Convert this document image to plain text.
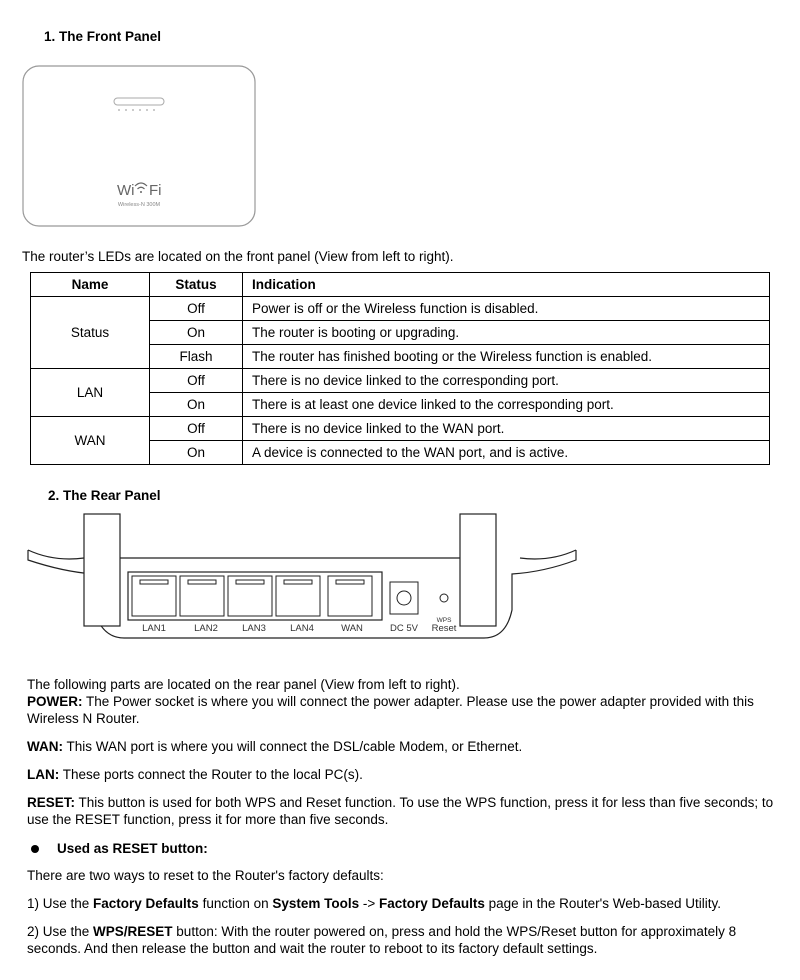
1. The Front Panel
Wi Fi
Wireless-N 300M
The router’s LEDs are located on the front panel (View from left to right).
Name	Status	Indication
Status	Off	Power is off or the Wireless function is disabled.
	On	The router is booting or upgrading.
	Flash	The router has finished booting or the Wireless function is enabled.
LAN	Off	There is no device linked to the corresponding port.
	On	There is at least one device linked to the corresponding port.
WAN	Off	There is no device linked to the WAN port.
	On	A device is connected to the WAN port, and is active.
2. The Rear Panel
LAN1	LAN2	LAN3	LAN4	WAN	DC 5V
WPS
Reset
The following parts are located on the rear panel (View from left to right).
POWER: The Power socket is where you will connect the power adapter. Please use the power adapter provided with this Wireless N Router.
WAN: This WAN port is where you will connect the DSL/cable Modem, or Ethernet.
LAN: These ports connect the Router to the local PC(s).
RESET: This button is used for both WPS and Reset function. To use the WPS function, press it for less than five seconds; to use the RESET function, press it for more than five seconds.
Used as RESET button:
There are two ways to reset to the Router's factory defaults:
1) Use the Factory Defaults function on System Tools -> Factory Defaults page in the Router's Web-based Utility.
2) Use the WPS/RESET button: With the router powered on, press and hold the WPS/Reset button for approximately 8 seconds. And then release the button and wait the router to reboot to its factory default settings.
